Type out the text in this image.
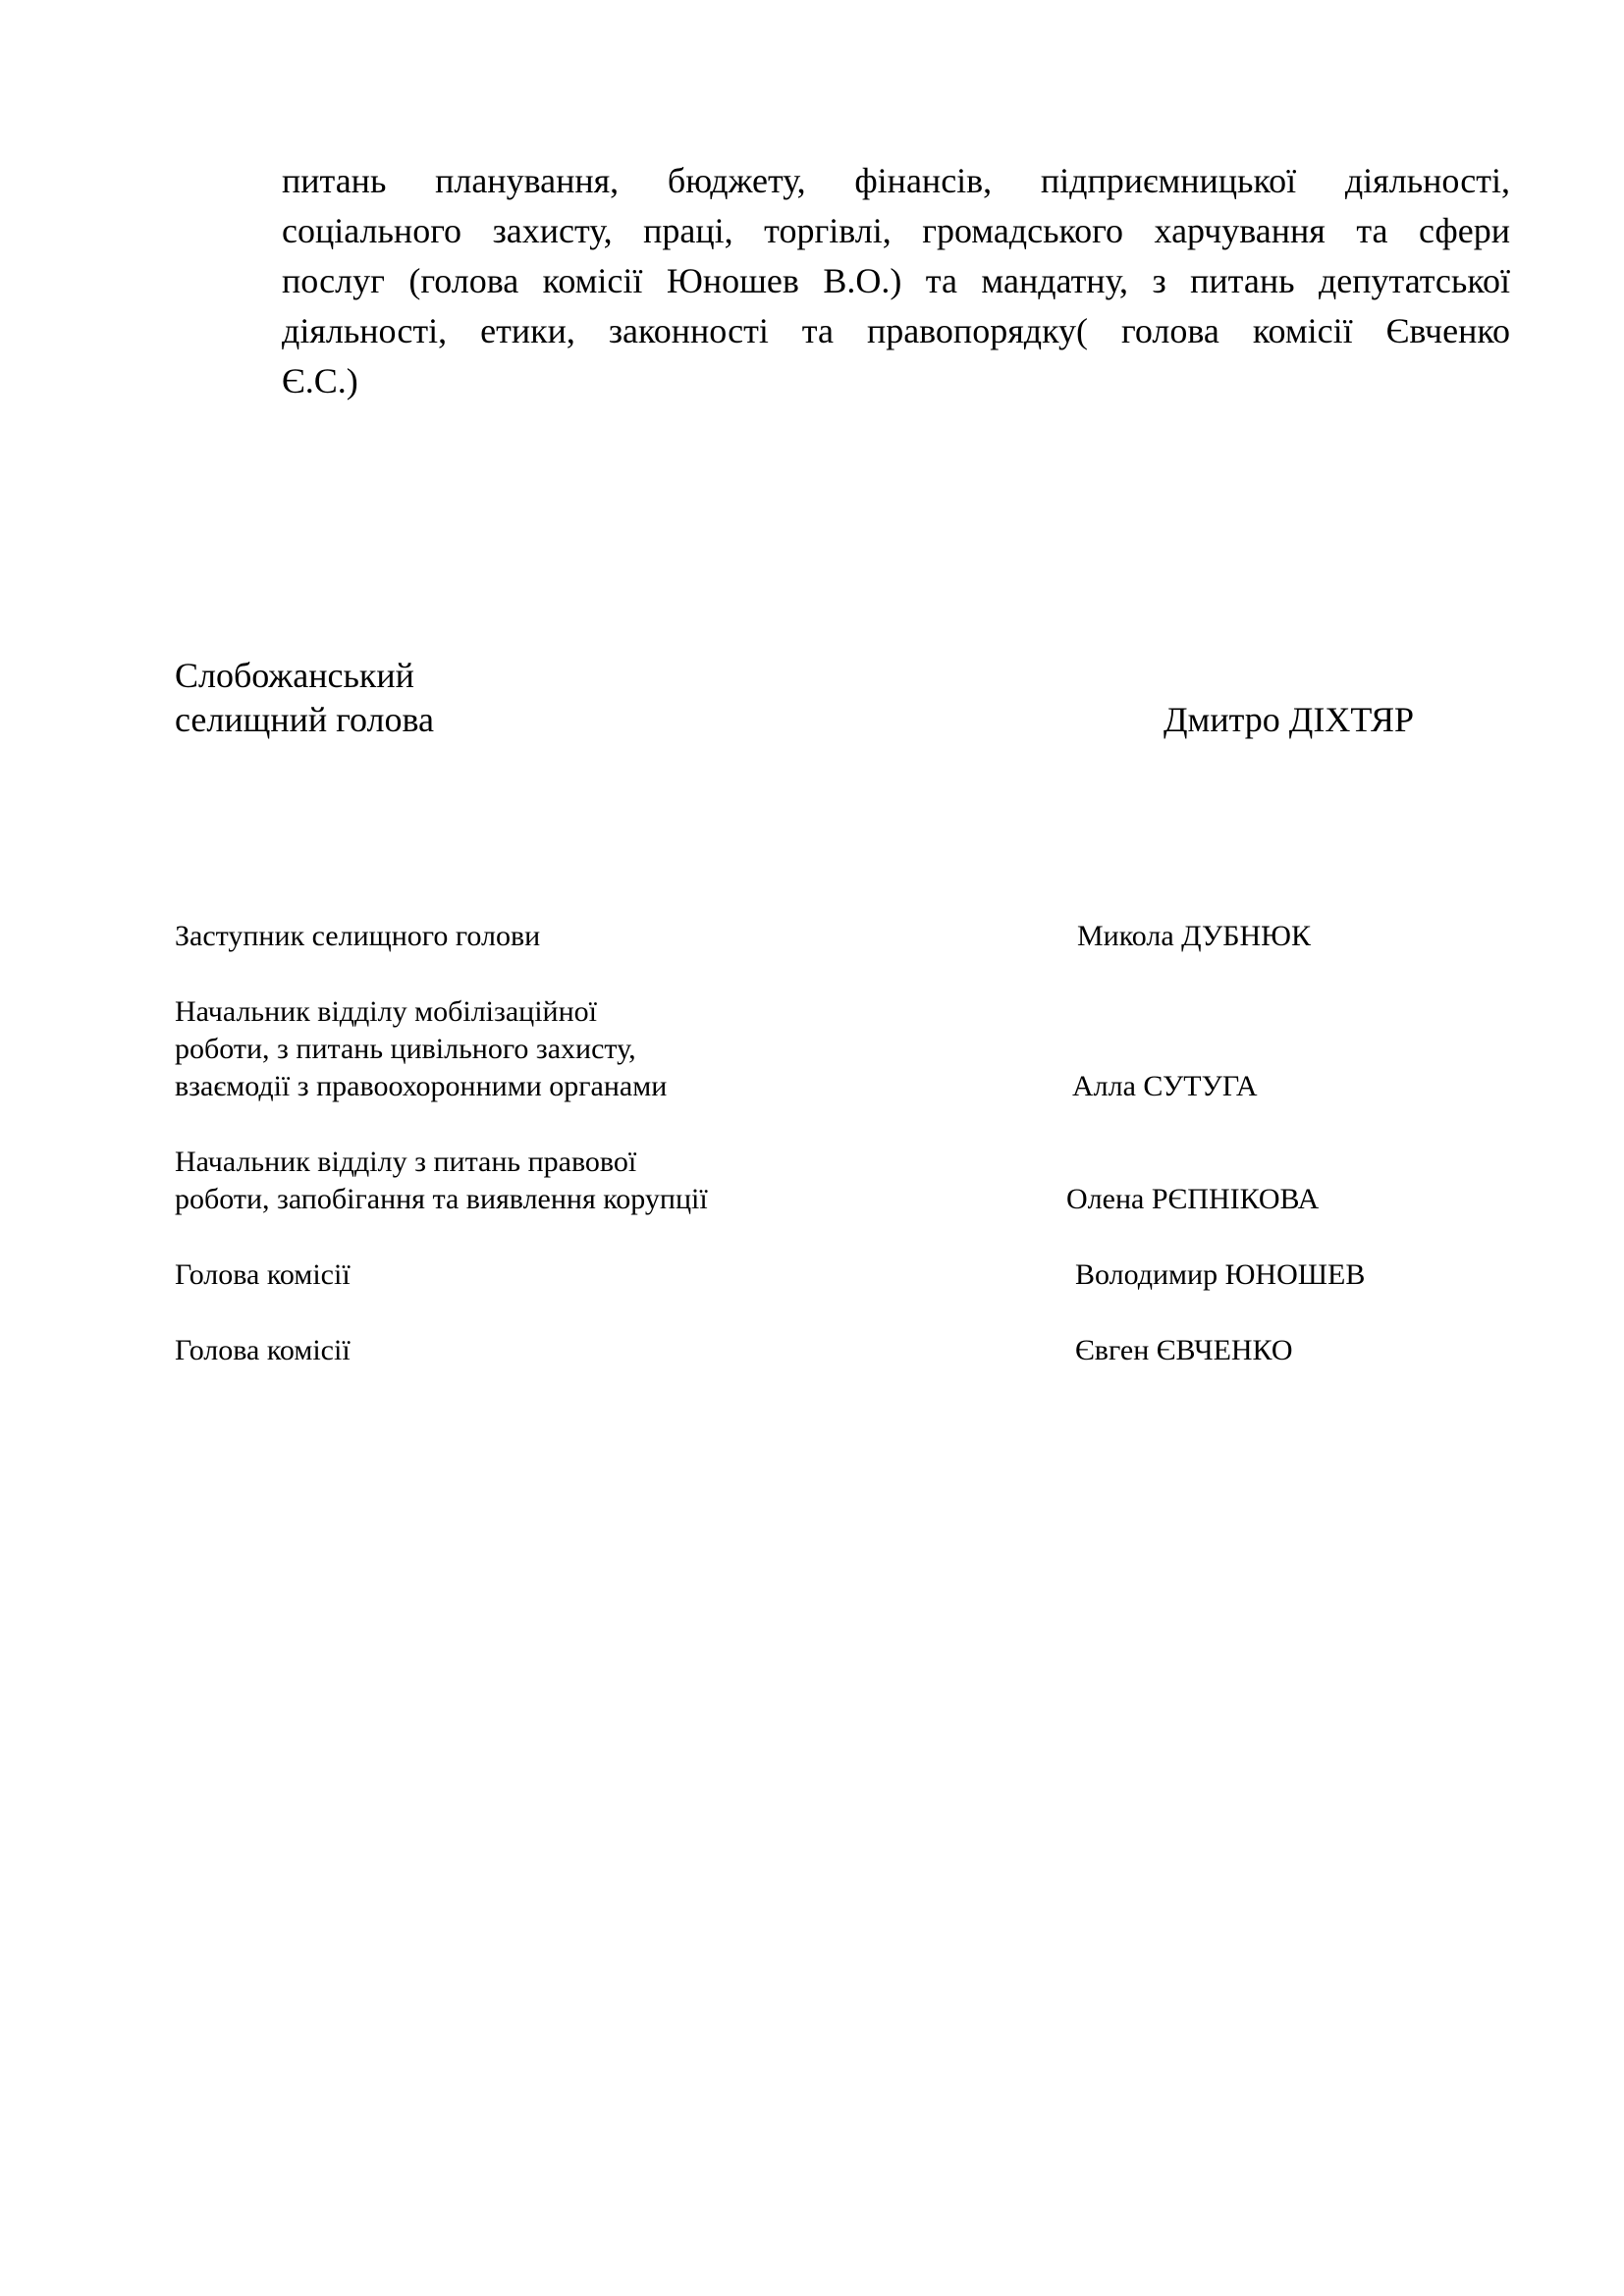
питань планування, бюджету, фінансів, підприємницької діяльності,
соціального захисту, праці, торгівлі, громадського харчування та сфери
послуг (голова комісії Юношев В.О.) та мандатну, з питань депутатської
діяльності, етики, законності та правопорядку( голова комісії Євченко
Є.С.)
Слобожанський
селищний голова	Дмитро ДІХТЯР
Заступник селищного голови	Микола ДУБНЮК
Начальник відділу мобілізаційної
роботи, з питань цивільного захисту,
взаємодії з правоохоронними органами	Алла СУТУГА
Начальник відділу з питань правової
роботи, запобігання та виявлення корупції	Олена РЄПНІКОВА
Голова комісії	Володимир ЮНОШЕВ
Голова комісії	Євген ЄВЧЕНКО
